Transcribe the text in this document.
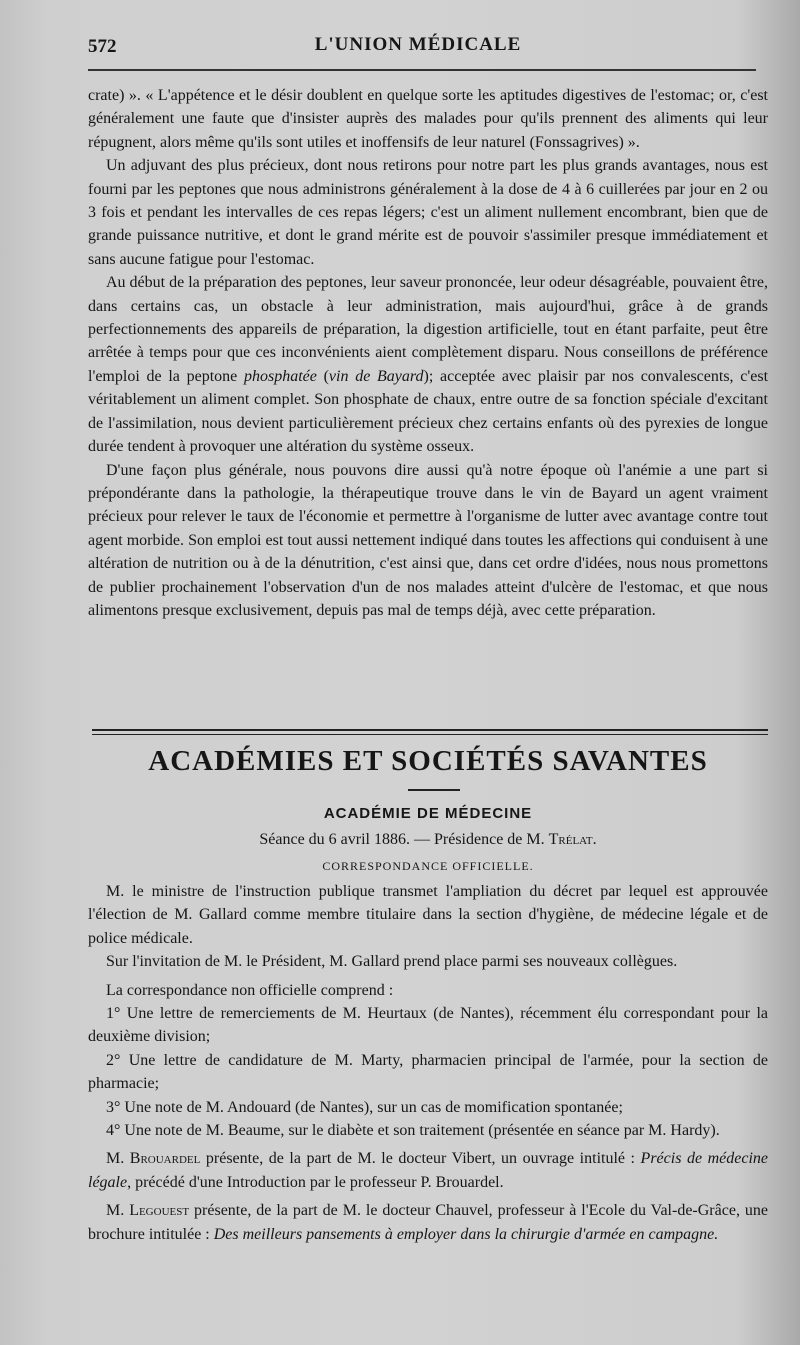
572	L'UNION MÉDICALE

crate) ». « L'appétence et le désir doublent en quelque sorte les aptitudes digestives de l'estomac; or, c'est généralement une faute que d'insister auprès des malades pour qu'ils prennent des aliments qui leur répugnent, alors même qu'ils sont utiles et inoffensifs de leur naturel (Fonssagrives) ».

Un adjuvant des plus précieux, dont nous retirons pour notre part les plus grands avantages, nous est fourni par les peptones que nous administrons généralement à la dose de 4 à 6 cuillerées par jour en 2 ou 3 fois et pendant les intervalles de ces repas légers; c'est un aliment nullement encombrant, bien que de grande puissance nutritive, et dont le grand mérite est de pouvoir s'assimiler presque immédiatement et sans aucune fatigue pour l'estomac.

Au début de la préparation des peptones, leur saveur prononcée, leur odeur désagréable, pouvaient être, dans certains cas, un obstacle à leur administration, mais aujourd'hui, grâce à de grands perfectionnements des appareils de préparation, la digestion artificielle, tout en étant parfaite, peut être arrêtée à temps pour que ces inconvénients aient complètement disparu. Nous conseillons de préférence l'emploi de la peptone phosphatée (vin de Bayard); acceptée avec plaisir par nos convalescents, c'est véritablement un aliment complet. Son phosphate de chaux, entre outre de sa fonction spéciale d'excitant de l'assimilation, nous devient particulièrement précieux chez certains enfants où des pyrexies de longue durée tendent à provoquer une altération du système osseux.

D'une façon plus générale, nous pouvons dire aussi qu'à notre époque où l'anémie a une part si prépondérante dans la pathologie, la thérapeutique trouve dans le vin de Bayard un agent vraiment précieux pour relever le taux de l'économie et permettre à l'organisme de lutter avec avantage contre tout agent morbide. Son emploi est tout aussi nettement indiqué dans toutes les affections qui conduisent à une altération de nutrition ou à de la dénutrition, c'est ainsi que, dans cet ordre d'idées, nous nous promettons de publier prochainement l'observation d'un de nos malades atteint d'ulcère de l'estomac, et que nous alimentons presque exclusivement, depuis pas mal de temps déjà, avec cette préparation.

ACADÉMIES ET SOCIÉTÉS SAVANTES
ACADÉMIE DE MÉDECINE
Séance du 6 avril 1886. — Présidence de M. Trélat.
CORRESPONDANCE OFFICIELLE.

M. le ministre de l'instruction publique transmet l'ampliation du décret par lequel est approuvée l'élection de M. Gallard comme membre titulaire dans la section d'hygiène, de médecine légale et de police médicale.

Sur l'invitation de M. le Président, M. Gallard prend place parmi ses nouveaux collègues.

La correspondance non officielle comprend :

1° Une lettre de remerciements de M. Heurtaux (de Nantes), récemment élu correspondant pour la deuxième division;

2° Une lettre de candidature de M. Marty, pharmacien principal de l'armée, pour la section de pharmacie;

3° Une note de M. Andouard (de Nantes), sur un cas de momification spontanée;

4° Une note de M. Beaume, sur le diabète et son traitement (présentée en séance par M. Hardy).

M. Brouardel présente, de la part de M. le docteur Vibert, un ouvrage intitulé : Précis de médecine légale, précédé d'une Introduction par le professeur P. Brouardel.

M. Legouest présente, de la part de M. le docteur Chauvel, professeur à l'Ecole du Val-de-Grâce, une brochure intitulée : Des meilleurs pansements à employer dans la chirurgie d'armée en campagne.
